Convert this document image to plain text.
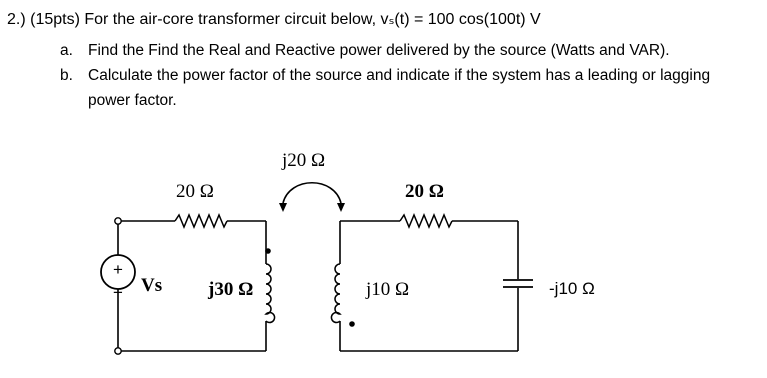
2.) (15pts) For the air-core transformer circuit below, vₛ(t) = 100 cos(100t) V
a. Find the Find the Real and Reactive power delivered by the source (Watts and VAR).
b. Calculate the power factor of the source and indicate if the system has a leading or lagging
power factor.
+
−
j20 Ω
20 Ω	20 Ω
Vs j30 Ω	j10 Ω	-j10 Ω
